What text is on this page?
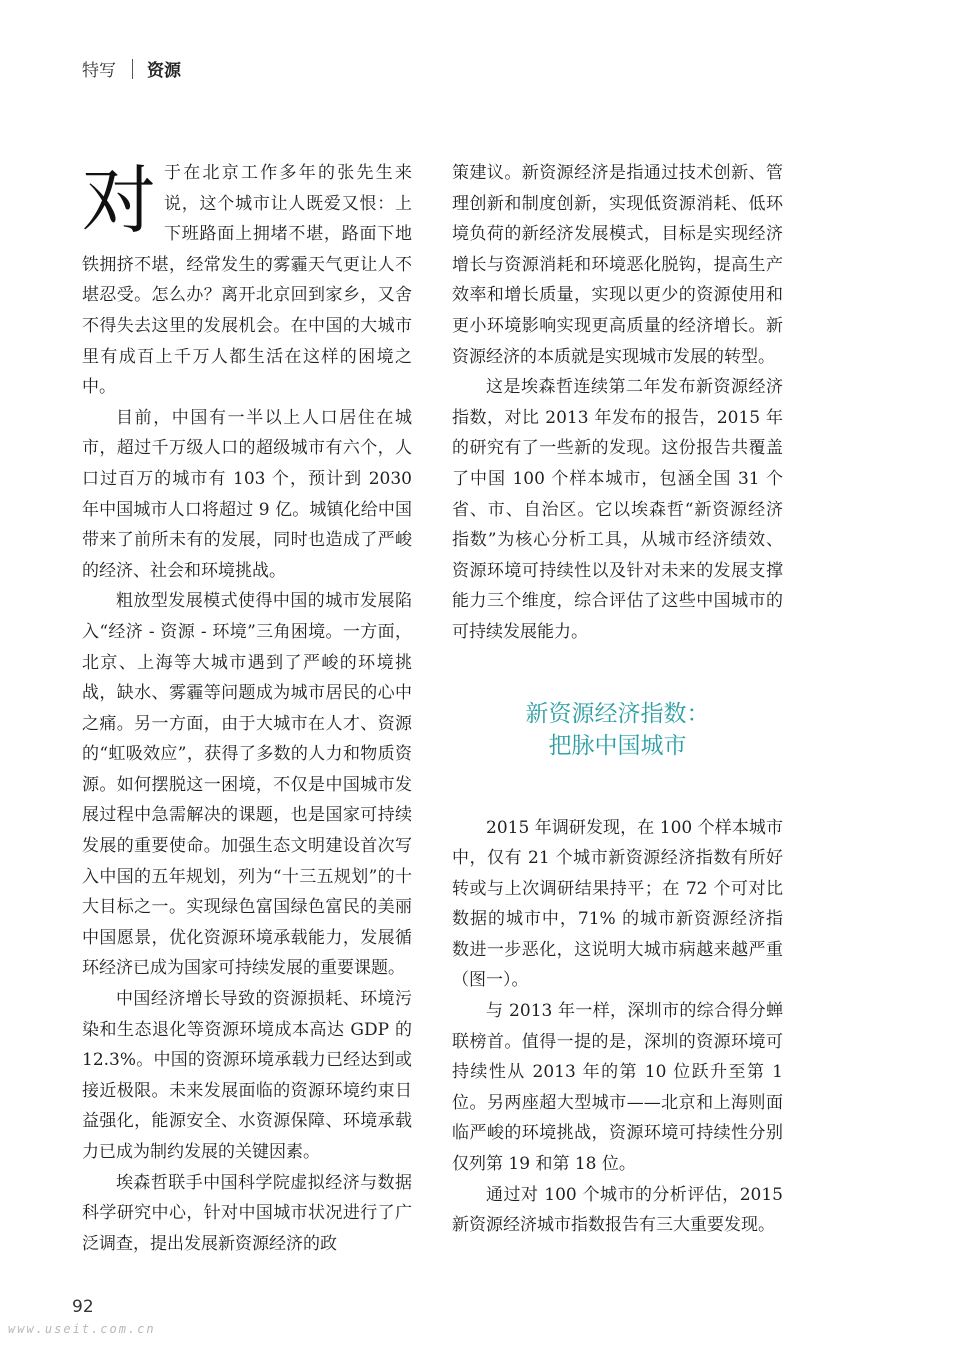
特写 资源

对于在北京工作多年的张先生来说，这个城市让人既爱又恨：上下班路面上拥堵不堪，路面下地铁拥挤不堪，经常发生的雾霾天气更让人不堪忍受。怎么办？离开北京回到家乡，又舍不得失去这里的发展机会。在中国的大城市里有成百上千万人都生活在这样的困境之中。

目前，中国有一半以上人口居住在城市，超过千万级人口的超级城市有六个，人口过百万的城市有 103 个，预计到 2030 年中国城市人口将超过 9 亿。城镇化给中国带来了前所未有的发展，同时也造成了严峻的经济、社会和环境挑战。

粗放型发展模式使得中国的城市发展陷入“经济 - 资源 - 环境”三角困境。一方面，北京、上海等大城市遇到了严峻的环境挑战，缺水、雾霾等问题成为城市居民的心中之痛。另一方面，由于大城市在人才、资源的“虹吸效应”，获得了多数的人力和物质资源。如何摆脱这一困境，不仅是中国城市发展过程中急需解决的课题，也是国家可持续发展的重要使命。加强生态文明建设首次写入中国的五年规划，列为“十三五规划”的十大目标之一。实现绿色富国绿色富民的美丽中国愿景，优化资源环境承载能力，发展循环经济已成为国家可持续发展的重要课题。

中国经济增长导致的资源损耗、环境污染和生态退化等资源环境成本高达 GDP 的 12.3%。中国的资源环境承载力已经达到或接近极限。未来发展面临的资源环境约束日益强化，能源安全、水资源保障、环境承载力已成为制约发展的关键因素。

埃森哲联手中国科学院虚拟经济与数据科学研究中心，针对中国城市状况进行了广泛调查，提出发展新资源经济的政

策建议。新资源经济是指通过技术创新、管理创新和制度创新，实现低资源消耗、低环境负荷的新经济发展模式，目标是实现经济增长与资源消耗和环境恶化脱钩，提高生产效率和增长质量，实现以更少的资源使用和更小环境影响实现更高质量的经济增长。新资源经济的本质就是实现城市发展的转型。

这是埃森哲连续第二年发布新资源经济指数，对比 2013 年发布的报告，2015 年的研究有了一些新的发现。这份报告共覆盖了中国 100 个样本城市，包涵全国 31 个省、市、自治区。它以埃森哲“新资源经济指数”为核心分析工具，从城市经济绩效、资源环境可持续性以及针对未来的发展支撑能力三个维度，综合评估了这些中国城市的可持续发展能力。

新资源经济指数：
把脉中国城市

2015 年调研发现，在 100 个样本城市中，仅有 21 个城市新资源经济指数有所好转或与上次调研结果持平；在 72 个可对比数据的城市中，71% 的城市新资源经济指数进一步恶化，这说明大城市病越来越严重（图一）。

与 2013 年一样，深圳市的综合得分蝉联榜首。值得一提的是，深圳的资源环境可持续性从 2013 年的第 10 位跃升至第 1 位。另两座超大型城市——北京和上海则面临严峻的环境挑战，资源环境可持续性分别仅列第 19 和第 18 位。

通过对 100 个城市的分析评估，2015 新资源经济城市指数报告有三大重要发现。

92
www.useit.com.cn
